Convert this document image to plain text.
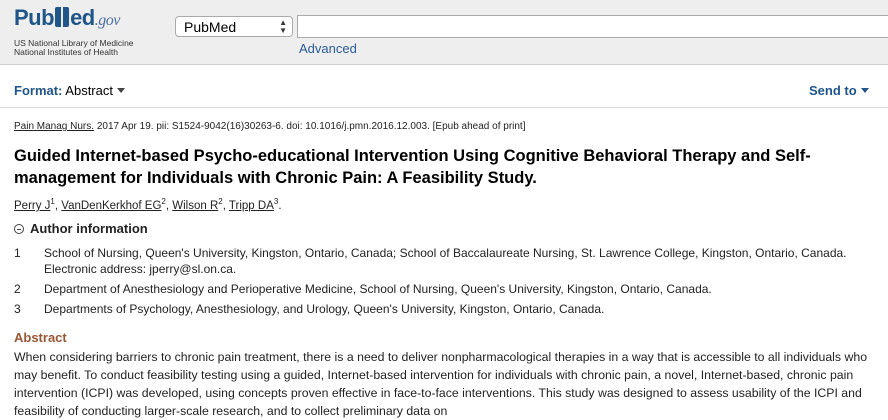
Pub ed.gov
US National Library of Medicine
National Institutes of Health
PubMed	▲
▼
Advanced
Format: Abstract	Send to
Pain Manag Nurs. 2017 Apr 19. pii: S1524-9042(16)30263-6. doi: 10.1016/j.pmn.2016.12.003. [Epub ahead of print]
Guided Internet-based Psycho-educational Intervention Using Cognitive Behavioral Therapy and Self-management for Individuals with Chronic Pain: A Feasibility Study.
Perry $J^1$, VanDenKerkhof $EG^2$, Wilson $R^2$, Tripp $DA^3$.
Author information
1 School of Nursing, Queen's University, Kingston, Ontario, Canada; School of Baccalaureate Nursing, St. Lawrence College, Kingston, Ontario, Canada. Electronic address: jperry@sl.on.ca.
2 Department of Anesthesiology and Perioperative Medicine, School of Nursing, Queen's University, Kingston, Ontario, Canada.
3 Departments of Psychology, Anesthesiology, and Urology, Queen's University, Kingston, Ontario, Canada.
Abstract

When considering barriers to chronic pain treatment, there is a need to deliver nonpharmacological therapies in a way that is accessible to all individuals who may benefit. To conduct feasibility testing using a guided, Internet-based intervention for individuals with chronic pain, a novel, Internet-based, chronic pain intervention (ICPI) was developed, using concepts proven effective in face-to-face interventions. This study was designed to assess usability of the ICPI and feasibility of conducting larger-scale research, and to collect preliminary data on
